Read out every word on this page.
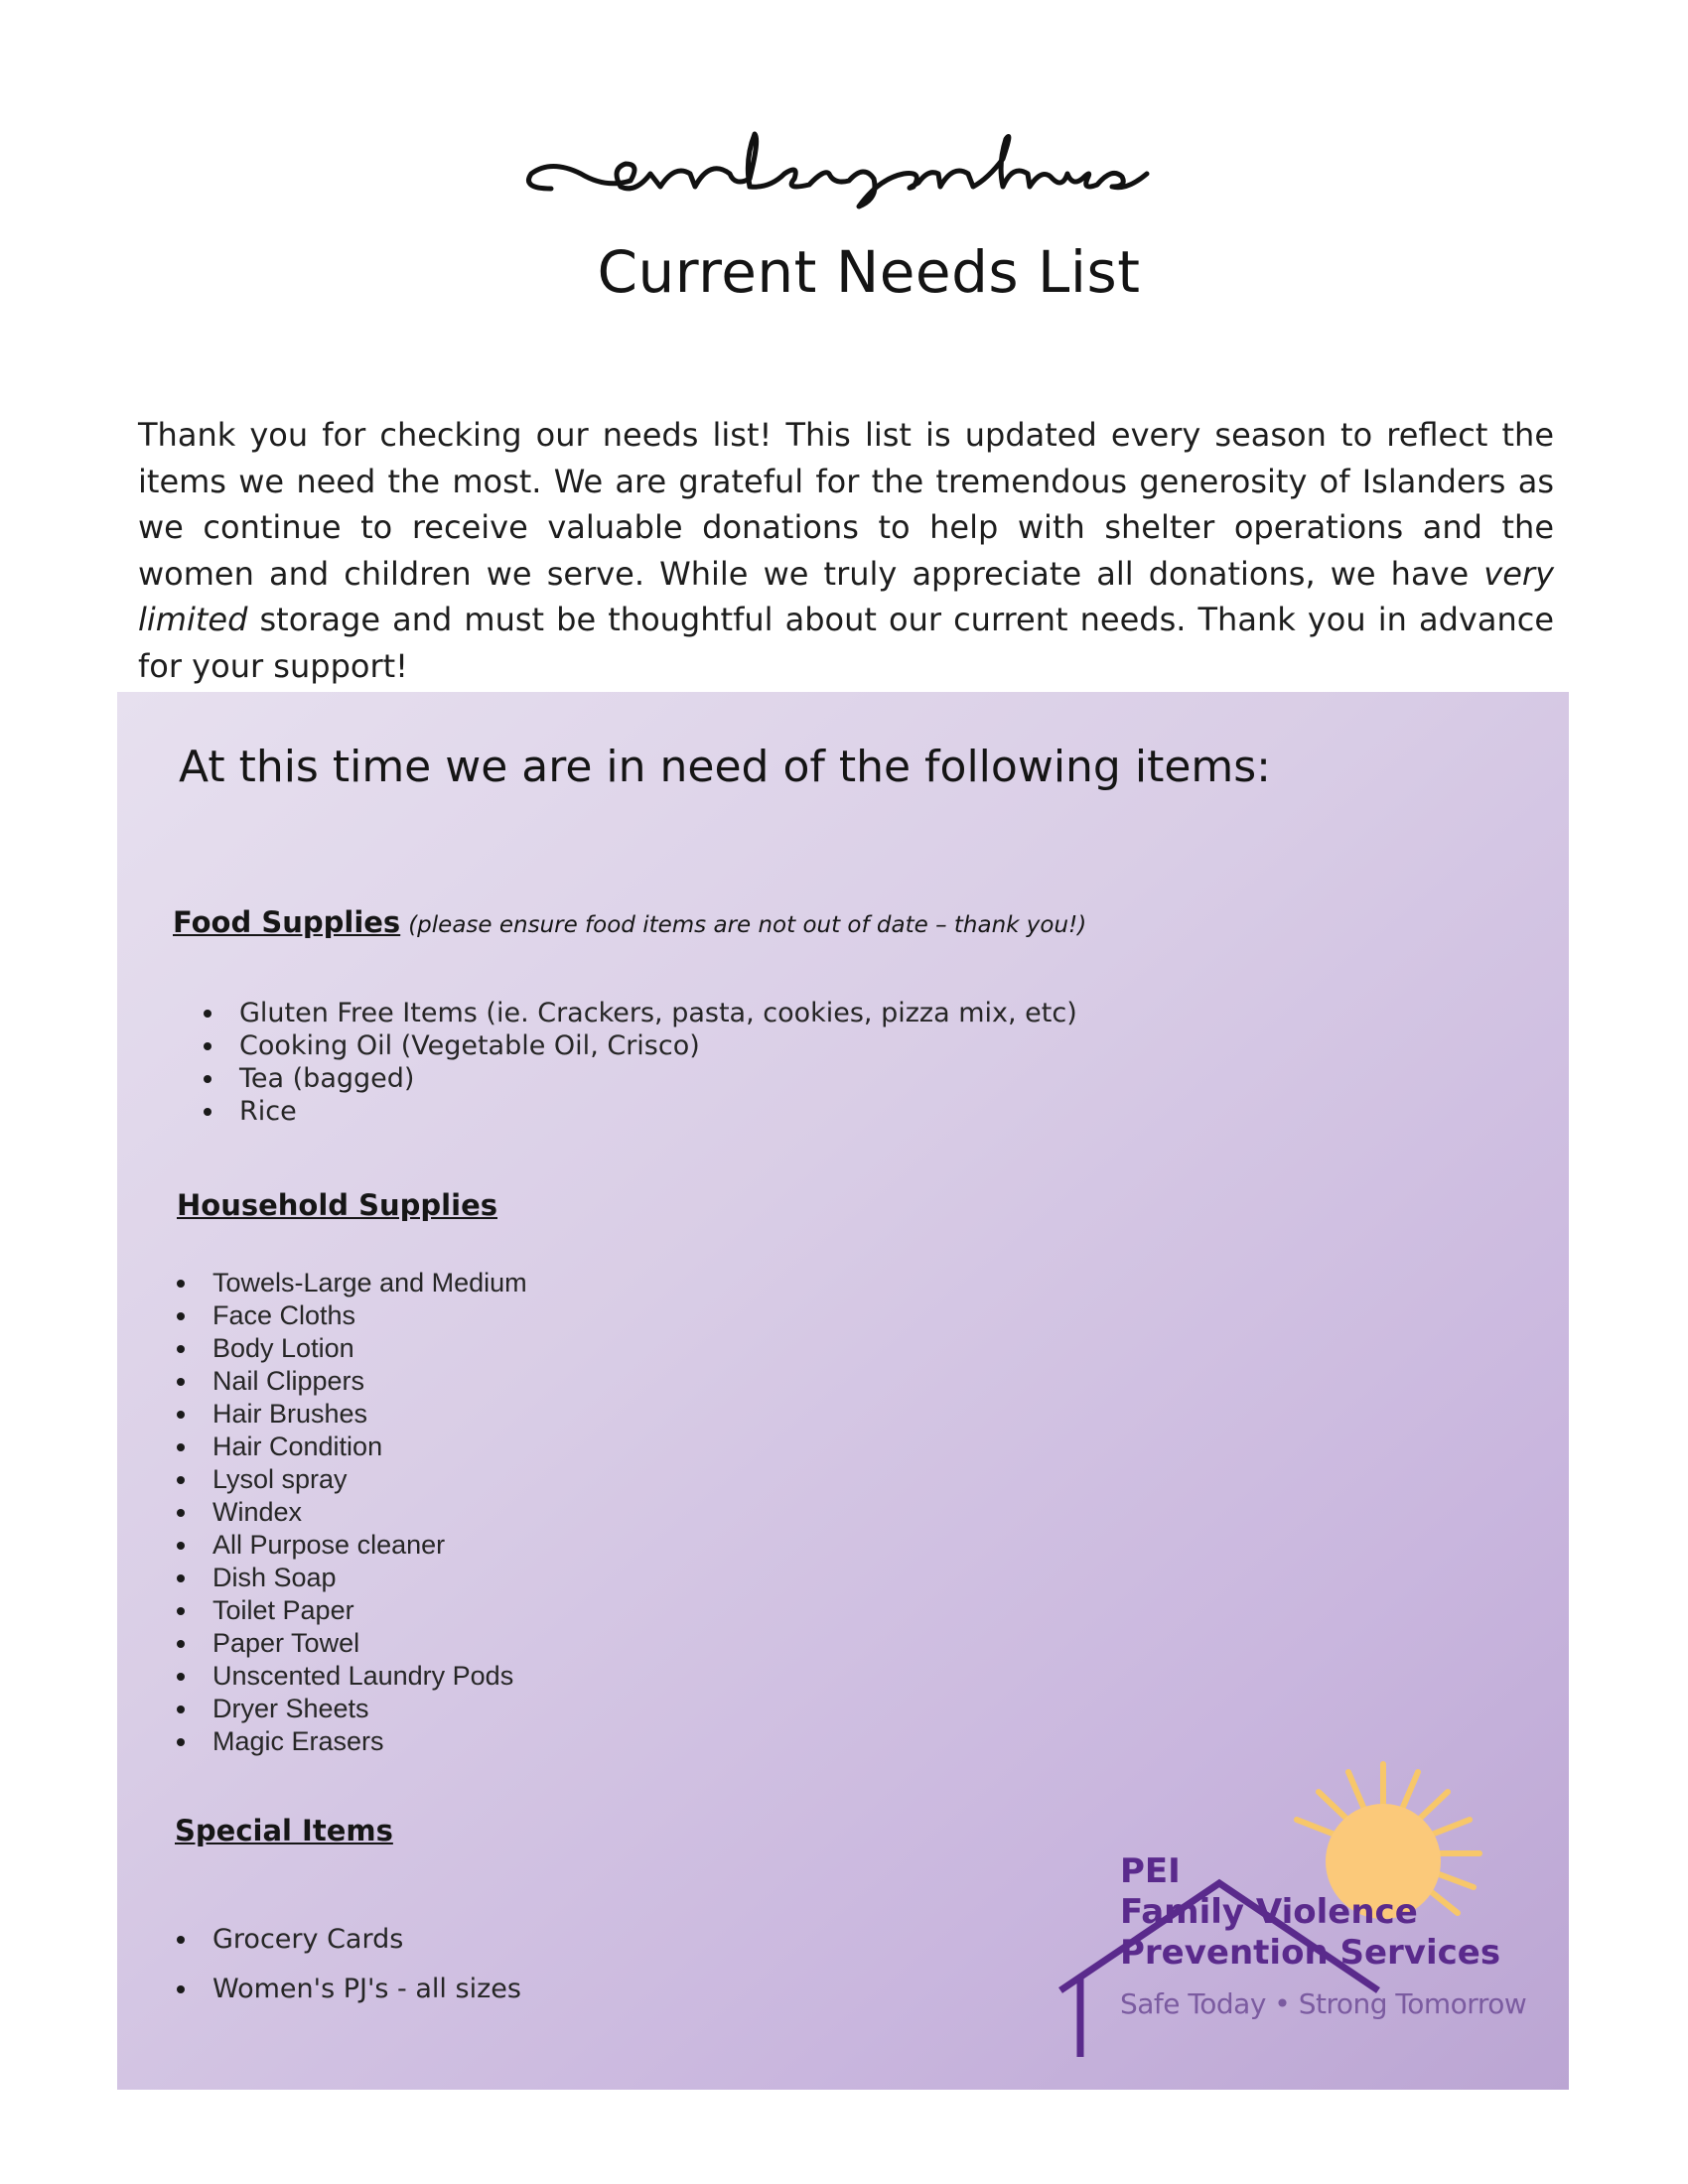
Current Needs List

Thank you for checking our needs list! This list is updated every season to reflect the items we need the most. We are grateful for the tremendous generosity of Islanders as we continue to receive valuable donations to help with shelter operations and the women and children we serve. While we truly appreciate all donations, we have very limited storage and must be thoughtful about our current needs. Thank you in advance for your support!

At this time we are in need of the following items:
Food Supplies (please ensure food items are not out of date – thank you!)
Gluten Free Items (ie. Crackers, pasta, cookies, pizza mix, etc)
Cooking Oil (Vegetable Oil, Crisco)
Tea (bagged)
Rice
Household Supplies
Towels-Large and Medium
Face Cloths
Body Lotion
Nail Clippers
Hair Brushes
Hair Condition
Lysol spray
Windex
All Purpose cleaner
Dish Soap
Toilet Paper
Paper Towel
Unscented Laundry Pods
Dryer Sheets
Magic Erasers
Special Items
Grocery Cards
Women's PJ's - all sizes
PEI
Family Violence
Prevention Services
Safe Today • Strong Tomorrow
